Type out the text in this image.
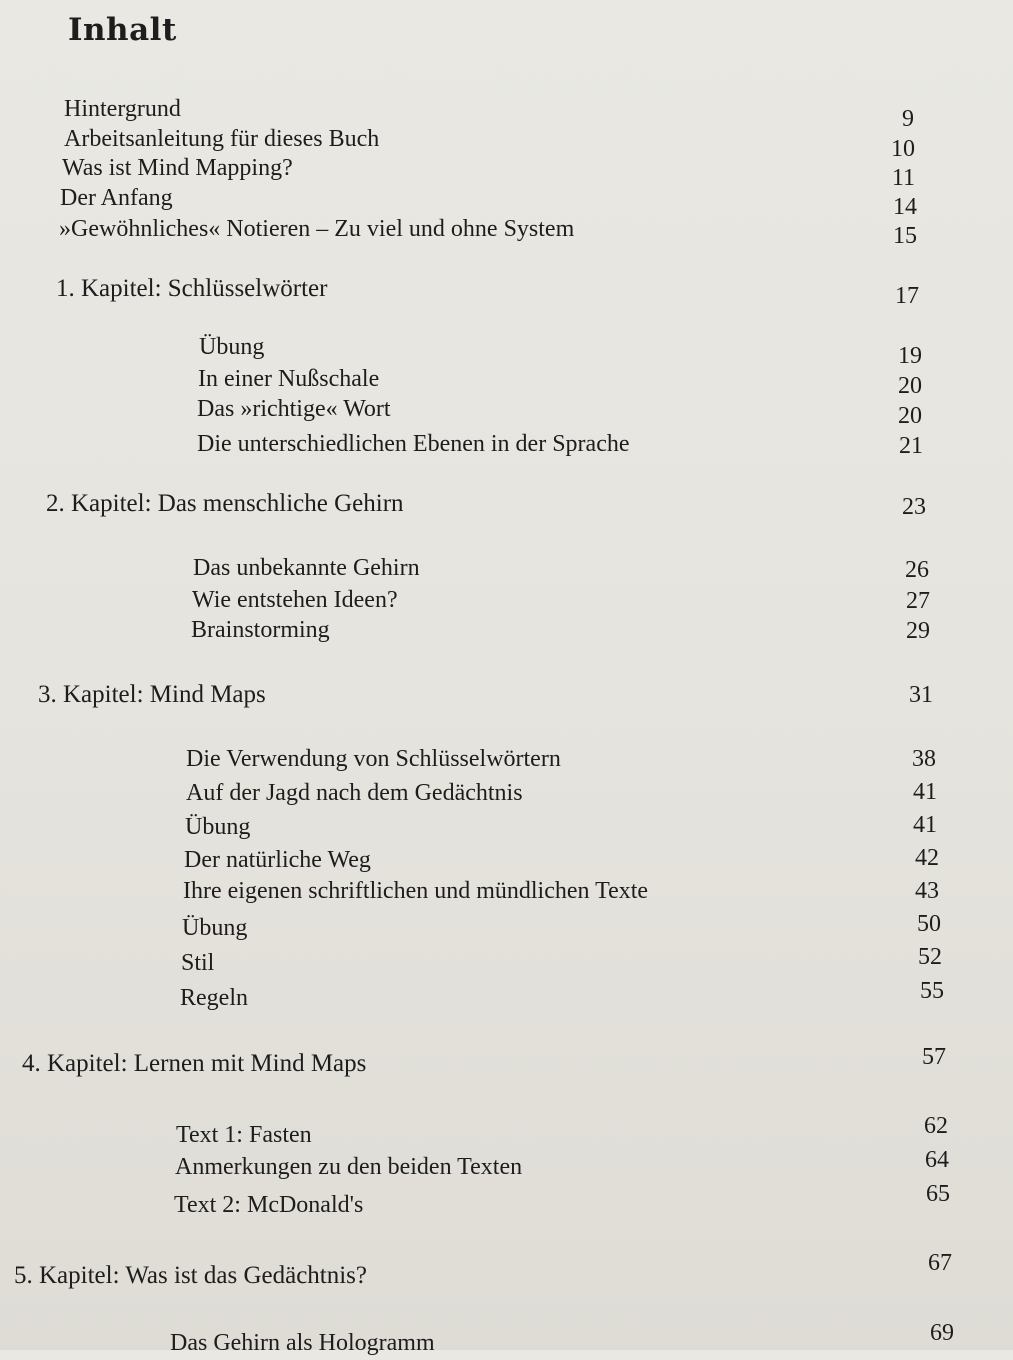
Inhalt
Hintergrund	9
Arbeitsanleitung für dieses Buch	10
Was ist Mind Mapping?	11
Der Anfang	14
»Gewöhnliches« Notieren – Zu viel und ohne System	15
1. Kapitel: Schlüsselwörter	17
Übung	19
In einer Nußschale	20
Das »richtige« Wort	20
Die unterschiedlichen Ebenen in der Sprache	21
2. Kapitel: Das menschliche Gehirn	23
Das unbekannte Gehirn	26
Wie entstehen Ideen?	27
Brainstorming	29
3. Kapitel: Mind Maps	31
Die Verwendung von Schlüsselwörtern	38
Auf der Jagd nach dem Gedächtnis	41
Übung	41
Der natürliche Weg	42
Ihre eigenen schriftlichen und mündlichen Texte	43
Übung	50
Stil	52
Regeln	55
4. Kapitel: Lernen mit Mind Maps	57
Text 1: Fasten	62
Anmerkungen zu den beiden Texten	64
Text 2: McDonald's	65
5. Kapitel: Was ist das Gedächtnis?	67
Das Gehirn als Hologramm	69
